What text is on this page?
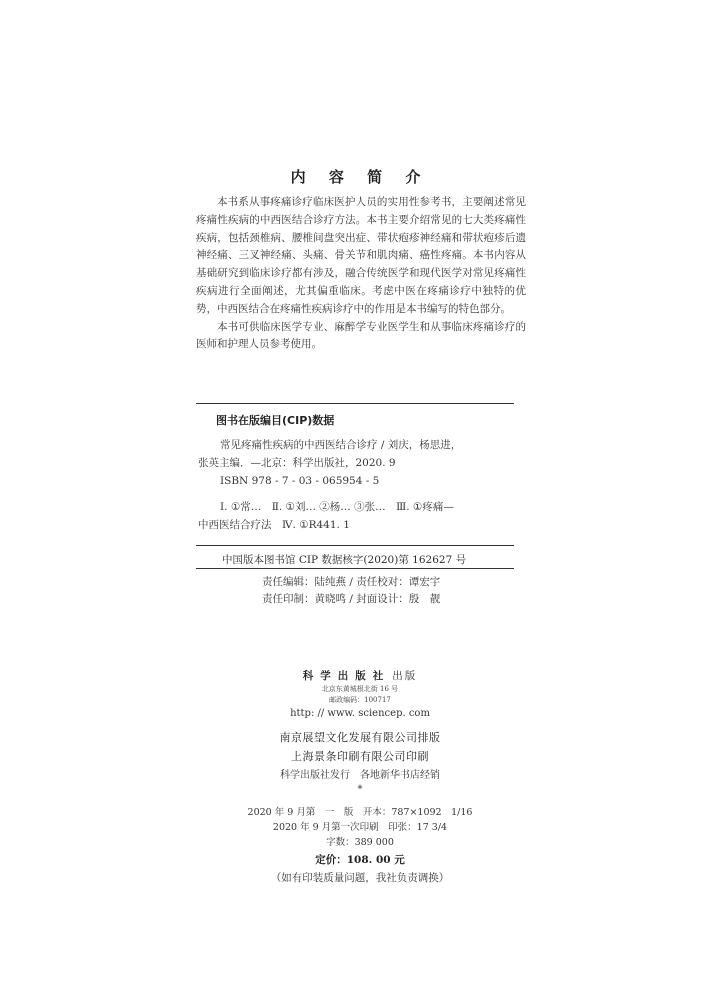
内 容 简 介

本书系从事疼痛诊疗临床医护人员的实用性参考书，主要阐述常见疼痛性疾病的中西医结合诊疗方法。本书主要介绍常见的七大类疼痛性疾病，包括颈椎病、腰椎间盘突出症、带状疱疹神经痛和带状疱疹后遗神经痛、三叉神经痛、头痛、骨关节和肌肉痛、癌性疼痛。本书内容从基础研究到临床诊疗都有涉及，融合传统医学和现代医学对常见疼痛性疾病进行全面阐述，尤其偏重临床。考虑中医在疼痛诊疗中独特的优势，中西医结合在疼痛性疾病诊疗中的作用是本书编写的特色部分。

本书可供临床医学专业、麻醉学专业医学生和从事临床疼痛诊疗的医师和护理人员参考使用。

图书在版编目(CIP)数据
常见疼痛性疾病的中西医结合诊疗 / 刘庆，杨思进，
张英主编．—北京：科学出版社，2020. 9
ISBN 978 - 7 - 03 - 065954 - 5
Ⅰ. ①常…　Ⅱ. ①刘… ②杨… ③张…　Ⅲ. ①疼痛—
中西医结合疗法　Ⅳ. ①R441. 1
中国版本图书馆 CIP 数据核字(2020)第 162627 号
责任编辑：陆纯燕 / 责任校对：谭宏宇
责任印制：黄晓鸣 / 封面设计：殷　靓
科学出版社 出版
北京东黄城根北街 16 号
邮政编码：100717
http: // www. sciencep. com
南京展望文化发展有限公司排版
上海景条印刷有限公司印刷
科学出版社发行　各地新华书店经销
*
2020 年 9 月第　一　版　开本：787×1092　1/16
2020 年 9 月第一次印刷　印张：17 3/4
字数：389 000
定价：108. 00 元
（如有印装质量问题，我社负责调换）
